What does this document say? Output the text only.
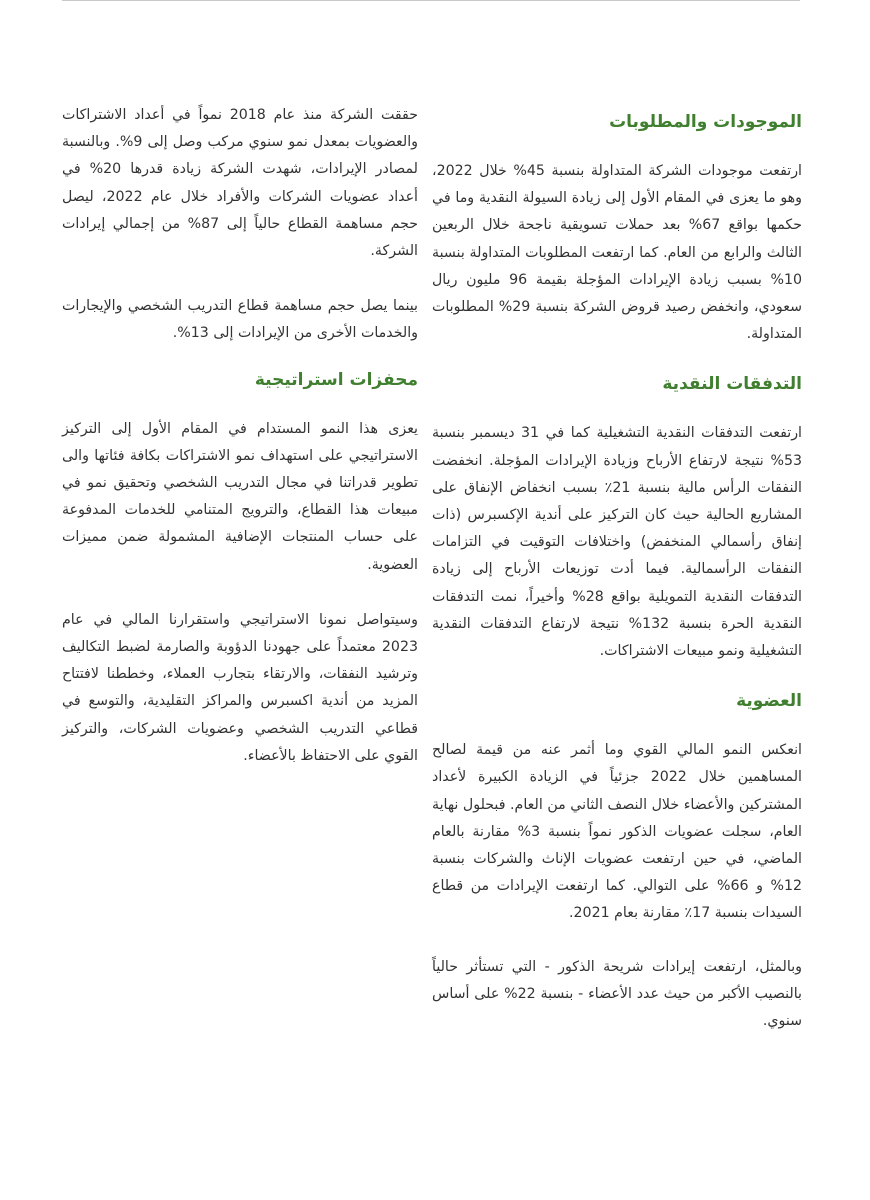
الموجودات والمطلوبات

ارتفعت موجودات الشركة المتداولة بنسبة 45% خلال 2022، وهو ما يعزى في المقام الأول إلى زيادة السيولة النقدية وما في حكمها بواقع 67% بعد حملات تسويقية ناجحة خلال الربعين الثالث والرابع من العام. كما ارتفعت المطلوبات المتداولة بنسبة 10% بسبب زيادة الإيرادات المؤجلة بقيمة 96 مليون ريال سعودي، وانخفض رصيد قروض الشركة بنسبة 29% المطلوبات المتداولة.

التدفقات النقدية

ارتفعت التدفقات النقدية التشغيلية كما في 31 ديسمبر بنسبة 53% نتيجة لارتفاع الأرباح وزيادة الإيرادات المؤجلة. انخفضت النفقات الرأس مالية بنسبة 21٪ بسبب انخفاض الإنفاق على المشاريع الحالية حيث كان التركيز على أندية الإكسبرس (ذات إنفاق رأسمالي المنخفض) واختلافات التوقيت في التزامات النفقات الرأسمالية. فيما أدت توزيعات الأرباح إلى زيادة التدفقات النقدية التمويلية بواقع 28% وأخيراً، نمت التدفقات النقدية الحرة بنسبة 132% نتيجة لارتفاع التدفقات النقدية التشغيلية ونمو مبيعات الاشتراكات.

العضوية

انعكس النمو المالي القوي وما أثمر عنه من قيمة لصالح المساهمين خلال 2022 جزئياً في الزيادة الكبيرة لأعداد المشتركين والأعضاء خلال النصف الثاني من العام. فبحلول نهاية العام، سجلت عضويات الذكور نمواً بنسبة 3% مقارنة بالعام الماضي، في حين ارتفعت عضويات الإناث والشركات بنسبة 12% و 66% على التوالي. كما ارتفعت الإيرادات من قطاع السيدات بنسبة 17٪ مقارنة بعام 2021.

وبالمثل، ارتفعت إيرادات شريحة الذكور - التي تستأثر حالياً بالنصيب الأكبر من حيث عدد الأعضاء - بنسبة 22% على أساس سنوي.

حققت الشركة منذ عام 2018 نمواً في أعداد الاشتراكات والعضويات بمعدل نمو سنوي مركب وصل إلى 9%. وبالنسبة لمصادر الإيرادات، شهدت الشركة زيادة قدرها 20% في أعداد عضويات الشركات والأفراد خلال عام 2022، ليصل حجم مساهمة القطاع حالياً إلى 87% من إجمالي إيرادات الشركة.

بينما يصل حجم مساهمة قطاع التدريب الشخصي والإيجارات والخدمات الأخرى من الإيرادات إلى 13%.

محفزات استراتيجية

يعزى هذا النمو المستدام في المقام الأول إلى التركيز الاستراتيجي على استهداف نمو الاشتراكات بكافة فئاتها والى تطوير قدراتنا في مجال التدريب الشخصي وتحقيق نمو في مبيعات هذا القطاع، والترويج المتنامي للخدمات المدفوعة على حساب المنتجات الإضافية المشمولة ضمن مميزات العضوية.

وسيتواصل نمونا الاستراتيجي واستقرارنا المالي في عام 2023 معتمداً على جهودنا الدؤوبة والصارمة لضبط التكاليف وترشيد النفقات، والارتقاء بتجارب العملاء، وخططنا لافتتاح المزيد من أندية اكسبرس والمراكز التقليدية، والتوسع في قطاعي التدريب الشخصي وعضويات الشركات، والتركيز القوي على الاحتفاظ بالأعضاء.
